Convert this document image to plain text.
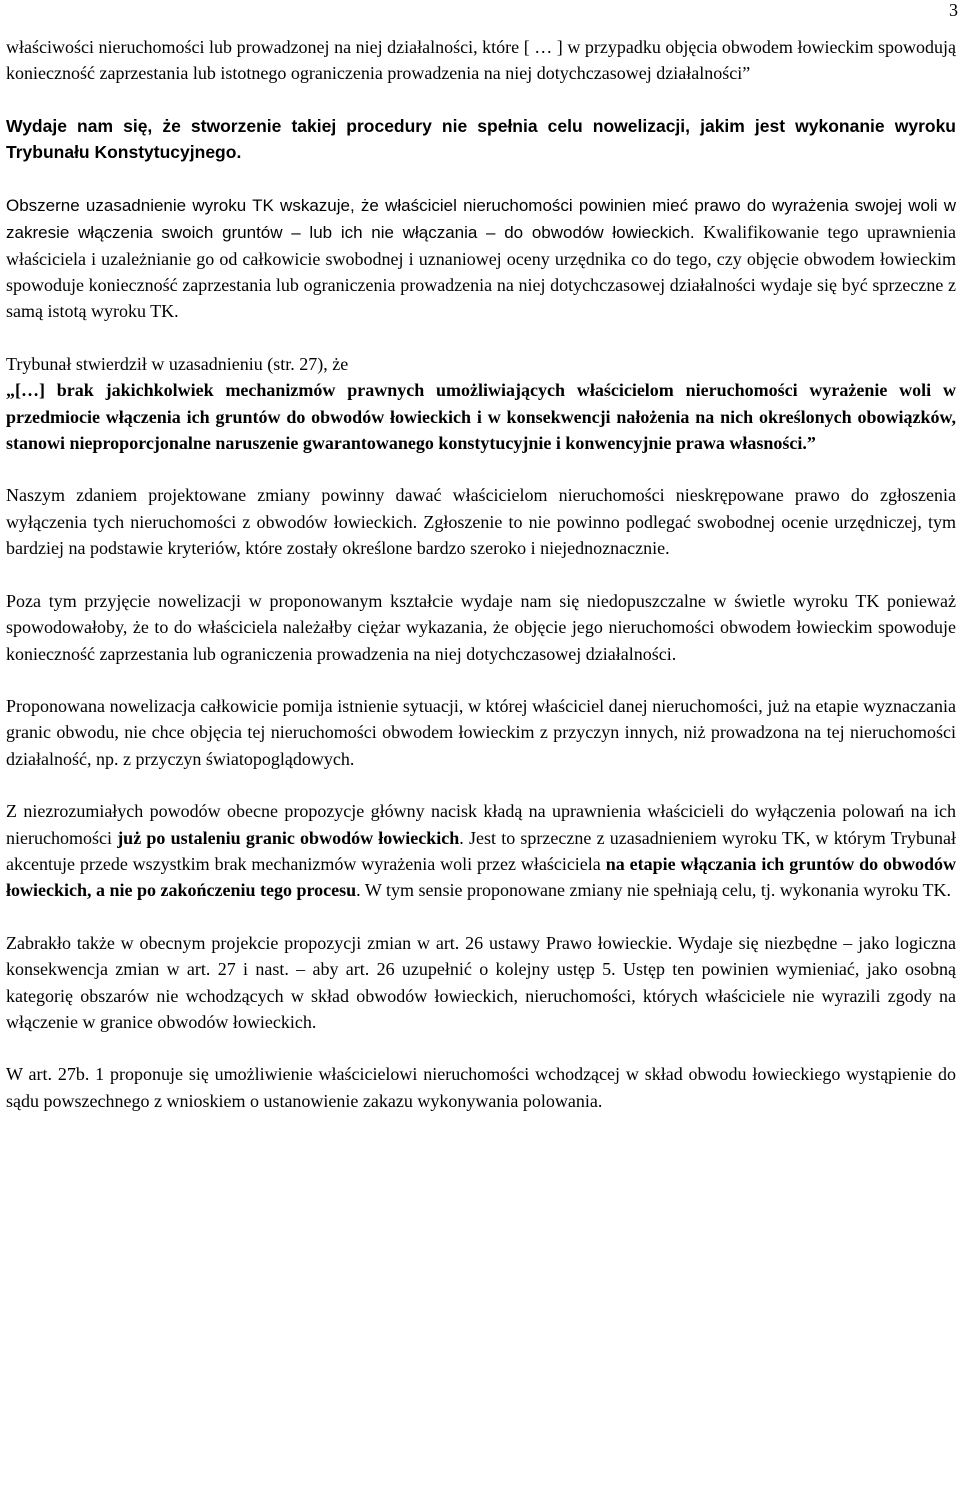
3

właściwości nieruchomości lub prowadzonej na niej działalności, które [ … ] w przypadku objęcia obwodem łowieckim spowodują konieczność zaprzestania lub istotnego ograniczenia prowadzenia na niej dotychczasowej działalności”

Wydaje nam się, że stworzenie takiej procedury nie spełnia celu nowelizacji, jakim jest wykonanie wyroku Trybunału Konstytucyjnego.

Obszerne uzasadnienie wyroku TK wskazuje, że właściciel nieruchomości powinien mieć prawo do wyrażenia swojej woli w zakresie włączenia swoich gruntów – lub ich nie włączania – do obwodów łowieckich. Kwalifikowanie tego uprawnienia właściciela i uzależnianie go od całkowicie swobodnej i uznaniowej oceny urzędnika co do tego, czy objęcie obwodem łowieckim spowoduje konieczność zaprzestania lub ograniczenia prowadzenia na niej dotychczasowej działalności wydaje się być sprzeczne z samą istotą wyroku TK.

Trybunał stwierdził w uzasadnieniu (str. 27), że

„[…] brak jakichkolwiek mechanizmów prawnych umożliwiających właścicielom nieruchomości wyrażenie woli w przedmiocie włączenia ich gruntów do obwodów łowieckich i w konsekwencji nałożenia na nich określonych obowiązków, stanowi nieproporcjonalne naruszenie gwarantowanego konstytucyjnie i konwencyjnie prawa własności.”

Naszym zdaniem projektowane zmiany powinny dawać właścicielom nieruchomości nieskrępowane prawo do zgłoszenia wyłączenia tych nieruchomości z obwodów łowieckich. Zgłoszenie to nie powinno podlegać swobodnej ocenie urzędniczej, tym bardziej na podstawie kryteriów, które zostały określone bardzo szeroko i niejednoznacznie.

Poza tym przyjęcie nowelizacji w proponowanym kształcie wydaje nam się niedopuszczalne w świetle wyroku TK ponieważ spowodowałoby, że to do właściciela należałby ciężar wykazania, że objęcie jego nieruchomości obwodem łowieckim spowoduje konieczność zaprzestania lub ograniczenia prowadzenia na niej dotychczasowej działalności.

Proponowana nowelizacja całkowicie pomija istnienie sytuacji, w której właściciel danej nieruchomości, już na etapie wyznaczania granic obwodu, nie chce objęcia tej nieruchomości obwodem łowieckim z przyczyn innych, niż prowadzona na tej nieruchomości działalność, np. z przyczyn światopoglądowych.

Z niezrozumiałych powodów obecne propozycje główny nacisk kładą na uprawnienia właścicieli do wyłączenia polowań na ich nieruchomości już po ustaleniu granic obwodów łowieckich. Jest to sprzeczne z uzasadnieniem wyroku TK, w którym Trybunał akcentuje przede wszystkim brak mechanizmów wyrażenia woli przez właściciela na etapie włączania ich gruntów do obwodów łowieckich, a nie po zakończeniu tego procesu. W tym sensie proponowane zmiany nie spełniają celu, tj. wykonania wyroku TK.

Zabrakło także w obecnym projekcie propozycji zmian w art. 26 ustawy Prawo łowieckie. Wydaje się niezbędne – jako logiczna konsekwencja zmian w art. 27 i nast. – aby art. 26 uzupełnić o kolejny ustęp 5. Ustęp ten powinien wymieniać, jako osobną kategorię obszarów nie wchodzących w skład obwodów łowieckich, nieruchomości, których właściciele nie wyrazili zgody na włączenie w granice obwodów łowieckich.

W art. 27b. 1 proponuje się umożliwienie właścicielowi nieruchomości wchodzącej w skład obwodu łowieckiego wystąpienie do sądu powszechnego z wnioskiem o ustanowienie zakazu wykonywania polowania.
